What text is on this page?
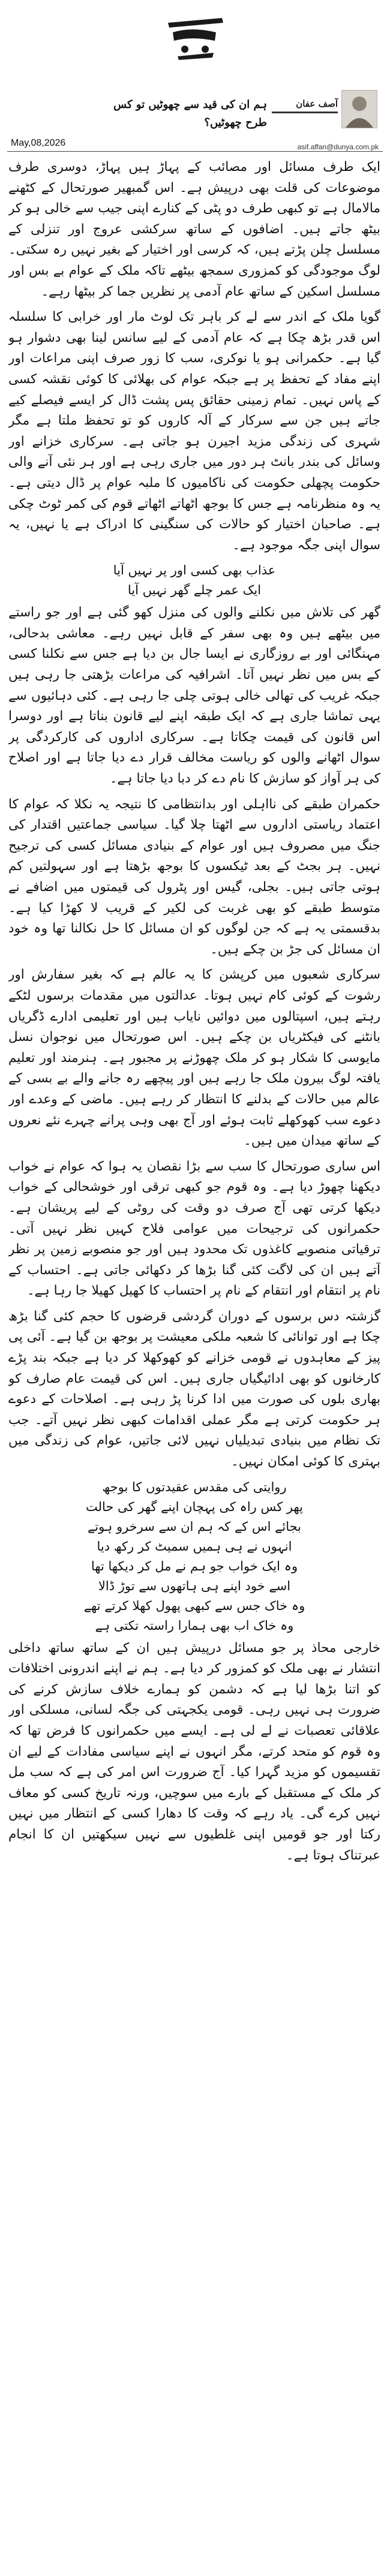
آصف عفان
asif.affan@dunya.com.pk
ہم ان کی قید سے چھوٹیں تو کس طرح چھوٹیں؟
May,08,2026

ایک طرف مسائل اور مصائب کے پہاڑ ہیں پہاڑ، دوسری طرف موضوعات کی قلت بھی درپیش ہے۔ اس گمبھیر صورتحال کے کٹھنے مالامال ہے تو کبھی طرف دو پٹی کے کنارے اپنی جیب سے خالی ہو کر بیٹھ جاتے ہیں۔ اضافوں کے ساتھ سرکشی عروج اور تنزلی کے مسلسل چلن پڑتے ہیں، کہ کرسی اور اختیار کے بغیر نہیں رہ سکتی۔ لوگ موجودگی کو کمزوری سمجھ بیٹھے تاکہ ملک کے عوام بے بس اور مسلسل اسکین کے ساتھ عام آدمی پر نظریں جما کر بیٹھا رہے۔

گویا ملک کے اندر سے لے کر باہر تک لوٹ مار اور خرابی کا سلسلہ اس قدر بڑھ چکا ہے کہ عام آدمی کے لیے سانس لینا بھی دشوار ہو گیا ہے۔ حکمرانی ہو یا نوکری، سب کا زور صرف اپنی مراعات اور اپنے مفاد کے تحفظ پر ہے جبکہ عوام کی بھلائی کا کوئی نقشہ کسی کے پاس نہیں۔ تمام زمینی حقائق پس پشت ڈال کر ایسے فیصلے کیے جاتے ہیں جن سے سرکار کے آلہ کاروں کو تو تحفظ ملتا ہے مگر شہری کی زندگی مزید اجیرن ہو جاتی ہے۔ سرکاری خزانے اور وسائل کی بندر بانٹ ہر دور میں جاری رہی ہے اور ہر نئی آنے والی حکومت پچھلی حکومت کی ناکامیوں کا ملبہ عوام پر ڈال دیتی ہے۔ یہ وہ منظرنامہ ہے جس کا بوجھ اٹھاتے اٹھاتے قوم کی کمر ٹوٹ چکی ہے۔ صاحبان اختیار کو حالات کی سنگینی کا ادراک ہے یا نہیں، یہ سوال اپنی جگہ موجود ہے۔

عذاب بھی کسی اور پر نہیں آیا
ایک عمر چلے گھر نہیں آیا

گھر کی تلاش میں نکلنے والوں کی منزل کھو گئی ہے اور جو راستے میں بیٹھے ہیں وہ بھی سفر کے قابل نہیں رہے۔ معاشی بدحالی، مہنگائی اور بے روزگاری نے ایسا جال بن دیا ہے جس سے نکلنا کسی کے بس میں نظر نہیں آتا۔ اشرافیہ کی مراعات بڑھتی جا رہی ہیں جبکہ غریب کی تھالی خالی ہوتی چلی جا رہی ہے۔ کئی دہائیوں سے یہی تماشا جاری ہے کہ ایک طبقہ اپنے لیے قانون بناتا ہے اور دوسرا اس قانون کی قیمت چکاتا ہے۔ سرکاری اداروں کی کارکردگی پر سوال اٹھانے والوں کو ریاست مخالف قرار دے دیا جاتا ہے اور اصلاح کی ہر آواز کو سازش کا نام دے کر دبا دیا جاتا ہے۔

حکمران طبقے کی نااہلی اور بدانتظامی کا نتیجہ یہ نکلا کہ عوام کا اعتماد ریاستی اداروں سے اٹھتا چلا گیا۔ سیاسی جماعتیں اقتدار کی جنگ میں مصروف ہیں اور عوام کے بنیادی مسائل کسی کی ترجیح نہیں۔ ہر بجٹ کے بعد ٹیکسوں کا بوجھ بڑھتا ہے اور سہولتیں کم ہوتی جاتی ہیں۔ بجلی، گیس اور پٹرول کی قیمتوں میں اضافے نے متوسط طبقے کو بھی غربت کی لکیر کے قریب لا کھڑا کیا ہے۔ بدقسمتی یہ ہے کہ جن لوگوں کو ان مسائل کا حل نکالنا تھا وہ خود ان مسائل کی جڑ بن چکے ہیں۔

سرکاری شعبوں میں کرپشن کا یہ عالم ہے کہ بغیر سفارش اور رشوت کے کوئی کام نہیں ہوتا۔ عدالتوں میں مقدمات برسوں لٹکے رہتے ہیں، اسپتالوں میں دوائیں نایاب ہیں اور تعلیمی ادارے ڈگریاں بانٹنے کی فیکٹریاں بن چکے ہیں۔ اس صورتحال میں نوجوان نسل مایوسی کا شکار ہو کر ملک چھوڑنے پر مجبور ہے۔ ہنرمند اور تعلیم یافتہ لوگ بیرون ملک جا رہے ہیں اور پیچھے رہ جانے والے بے بسی کے عالم میں حالات کے بدلنے کا انتظار کر رہے ہیں۔ ماضی کے وعدے اور دعوے سب کھوکھلے ثابت ہوئے اور آج بھی وہی پرانے چہرے نئے نعروں کے ساتھ میدان میں ہیں۔

اس ساری صورتحال کا سب سے بڑا نقصان یہ ہوا کہ عوام نے خواب دیکھنا چھوڑ دیا ہے۔ وہ قوم جو کبھی ترقی اور خوشحالی کے خواب دیکھا کرتی تھی آج صرف دو وقت کی روٹی کے لیے پریشان ہے۔ حکمرانوں کی ترجیحات میں عوامی فلاح کہیں نظر نہیں آتی۔ ترقیاتی منصوبے کاغذوں تک محدود ہیں اور جو منصوبے زمین پر نظر آتے ہیں ان کی لاگت کئی گنا بڑھا کر دکھائی جاتی ہے۔ احتساب کے نام پر انتقام اور انتقام کے نام پر احتساب کا کھیل کھیلا جا رہا ہے۔

گزشتہ دس برسوں کے دوران گردشی قرضوں کا حجم کئی گنا بڑھ چکا ہے اور توانائی کا شعبہ ملکی معیشت پر بوجھ بن گیا ہے۔ آئی پی پیز کے معاہدوں نے قومی خزانے کو کھوکھلا کر دیا ہے جبکہ بند پڑے کارخانوں کو بھی ادائیگیاں جاری ہیں۔ اس کی قیمت عام صارف کو بھاری بلوں کی صورت میں ادا کرنا پڑ رہی ہے۔ اصلاحات کے دعوے ہر حکومت کرتی ہے مگر عملی اقدامات کبھی نظر نہیں آتے۔ جب تک نظام میں بنیادی تبدیلیاں نہیں لائی جاتیں، عوام کی زندگی میں بہتری کا کوئی امکان نہیں۔

روایتی کی مقدس عقیدتوں کا بوجھ
پھر کس راہ کی پہچان اپنے گھر کی حالت
بجائے اس کے کہ ہم ان سے سرخرو ہوتے
انہوں نے ہی ہمیں سمیٹ کر رکھ دیا
وہ ایک خواب جو ہم نے مل کر دیکھا تھا
اسے خود اپنے ہی ہاتھوں سے توڑ ڈالا
وہ خاک جس سے کبھی پھول کھلا کرتے تھے
وہ خاک اب بھی ہمارا راستہ تکتی ہے

خارجی محاذ پر جو مسائل درپیش ہیں ان کے ساتھ ساتھ داخلی انتشار نے بھی ملک کو کمزور کر دیا ہے۔ ہم نے اپنے اندرونی اختلافات کو اتنا بڑھا لیا ہے کہ دشمن کو ہمارے خلاف سازش کرنے کی ضرورت ہی نہیں رہی۔ قومی یکجہتی کی جگہ لسانی، مسلکی اور علاقائی تعصبات نے لے لی ہے۔ ایسے میں حکمرانوں کا فرض تھا کہ وہ قوم کو متحد کرتے، مگر انہوں نے اپنے سیاسی مفادات کے لیے ان تقسیموں کو مزید گہرا کیا۔ آج ضرورت اس امر کی ہے کہ سب مل کر ملک کے مستقبل کے بارے میں سوچیں، ورنہ تاریخ کسی کو معاف نہیں کرے گی۔ یاد رہے کہ وقت کا دھارا کسی کے انتظار میں نہیں رکتا اور جو قومیں اپنی غلطیوں سے نہیں سیکھتیں ان کا انجام عبرتناک ہوتا ہے۔
